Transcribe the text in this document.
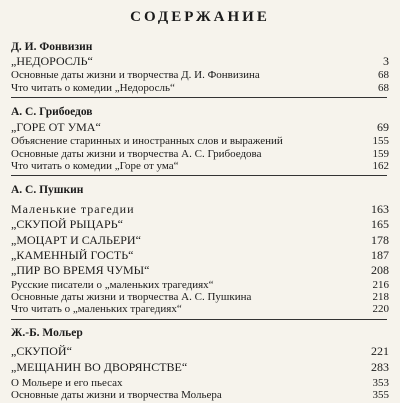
СОДЕРЖАНИЕ
Д. И. Фонвизин
„НЕДОРОСЛЬ“	3
Основные даты жизни и творчества Д. И. Фонвизина	68
Что читать о комедии „Недоросль“	68
А. С. Грибоедов
„ГОРЕ ОТ УМА“	69
Объяснение старинных и иностранных слов и выражений	155
Основные даты жизни и творчества А. С. Грибоедова	159
Что читать о комедии „Горе от ума“	162
А. С. Пушкин
Маленькие трагедии	163
„СКУПОЙ РЫЦАРЬ“	165
„МОЦАРТ И САЛЬЕРИ“	178
„КАМЕННЫЙ ГОСТЬ“	187
„ПИР ВО ВРЕМЯ ЧУМЫ“	208
Русские писатели о „маленьких трагедиях“	216
Основные даты жизни и творчества А. С. Пушкина	218
Что читать о „маленьких трагедиях“	220
Ж.-Б. Мольер
„СКУПОЙ“	221
„МЕЩАНИН ВО ДВОРЯНСТВЕ“	283
О Мольере и его пьесах	353
Основные даты жизни и творчества Мольера	355
